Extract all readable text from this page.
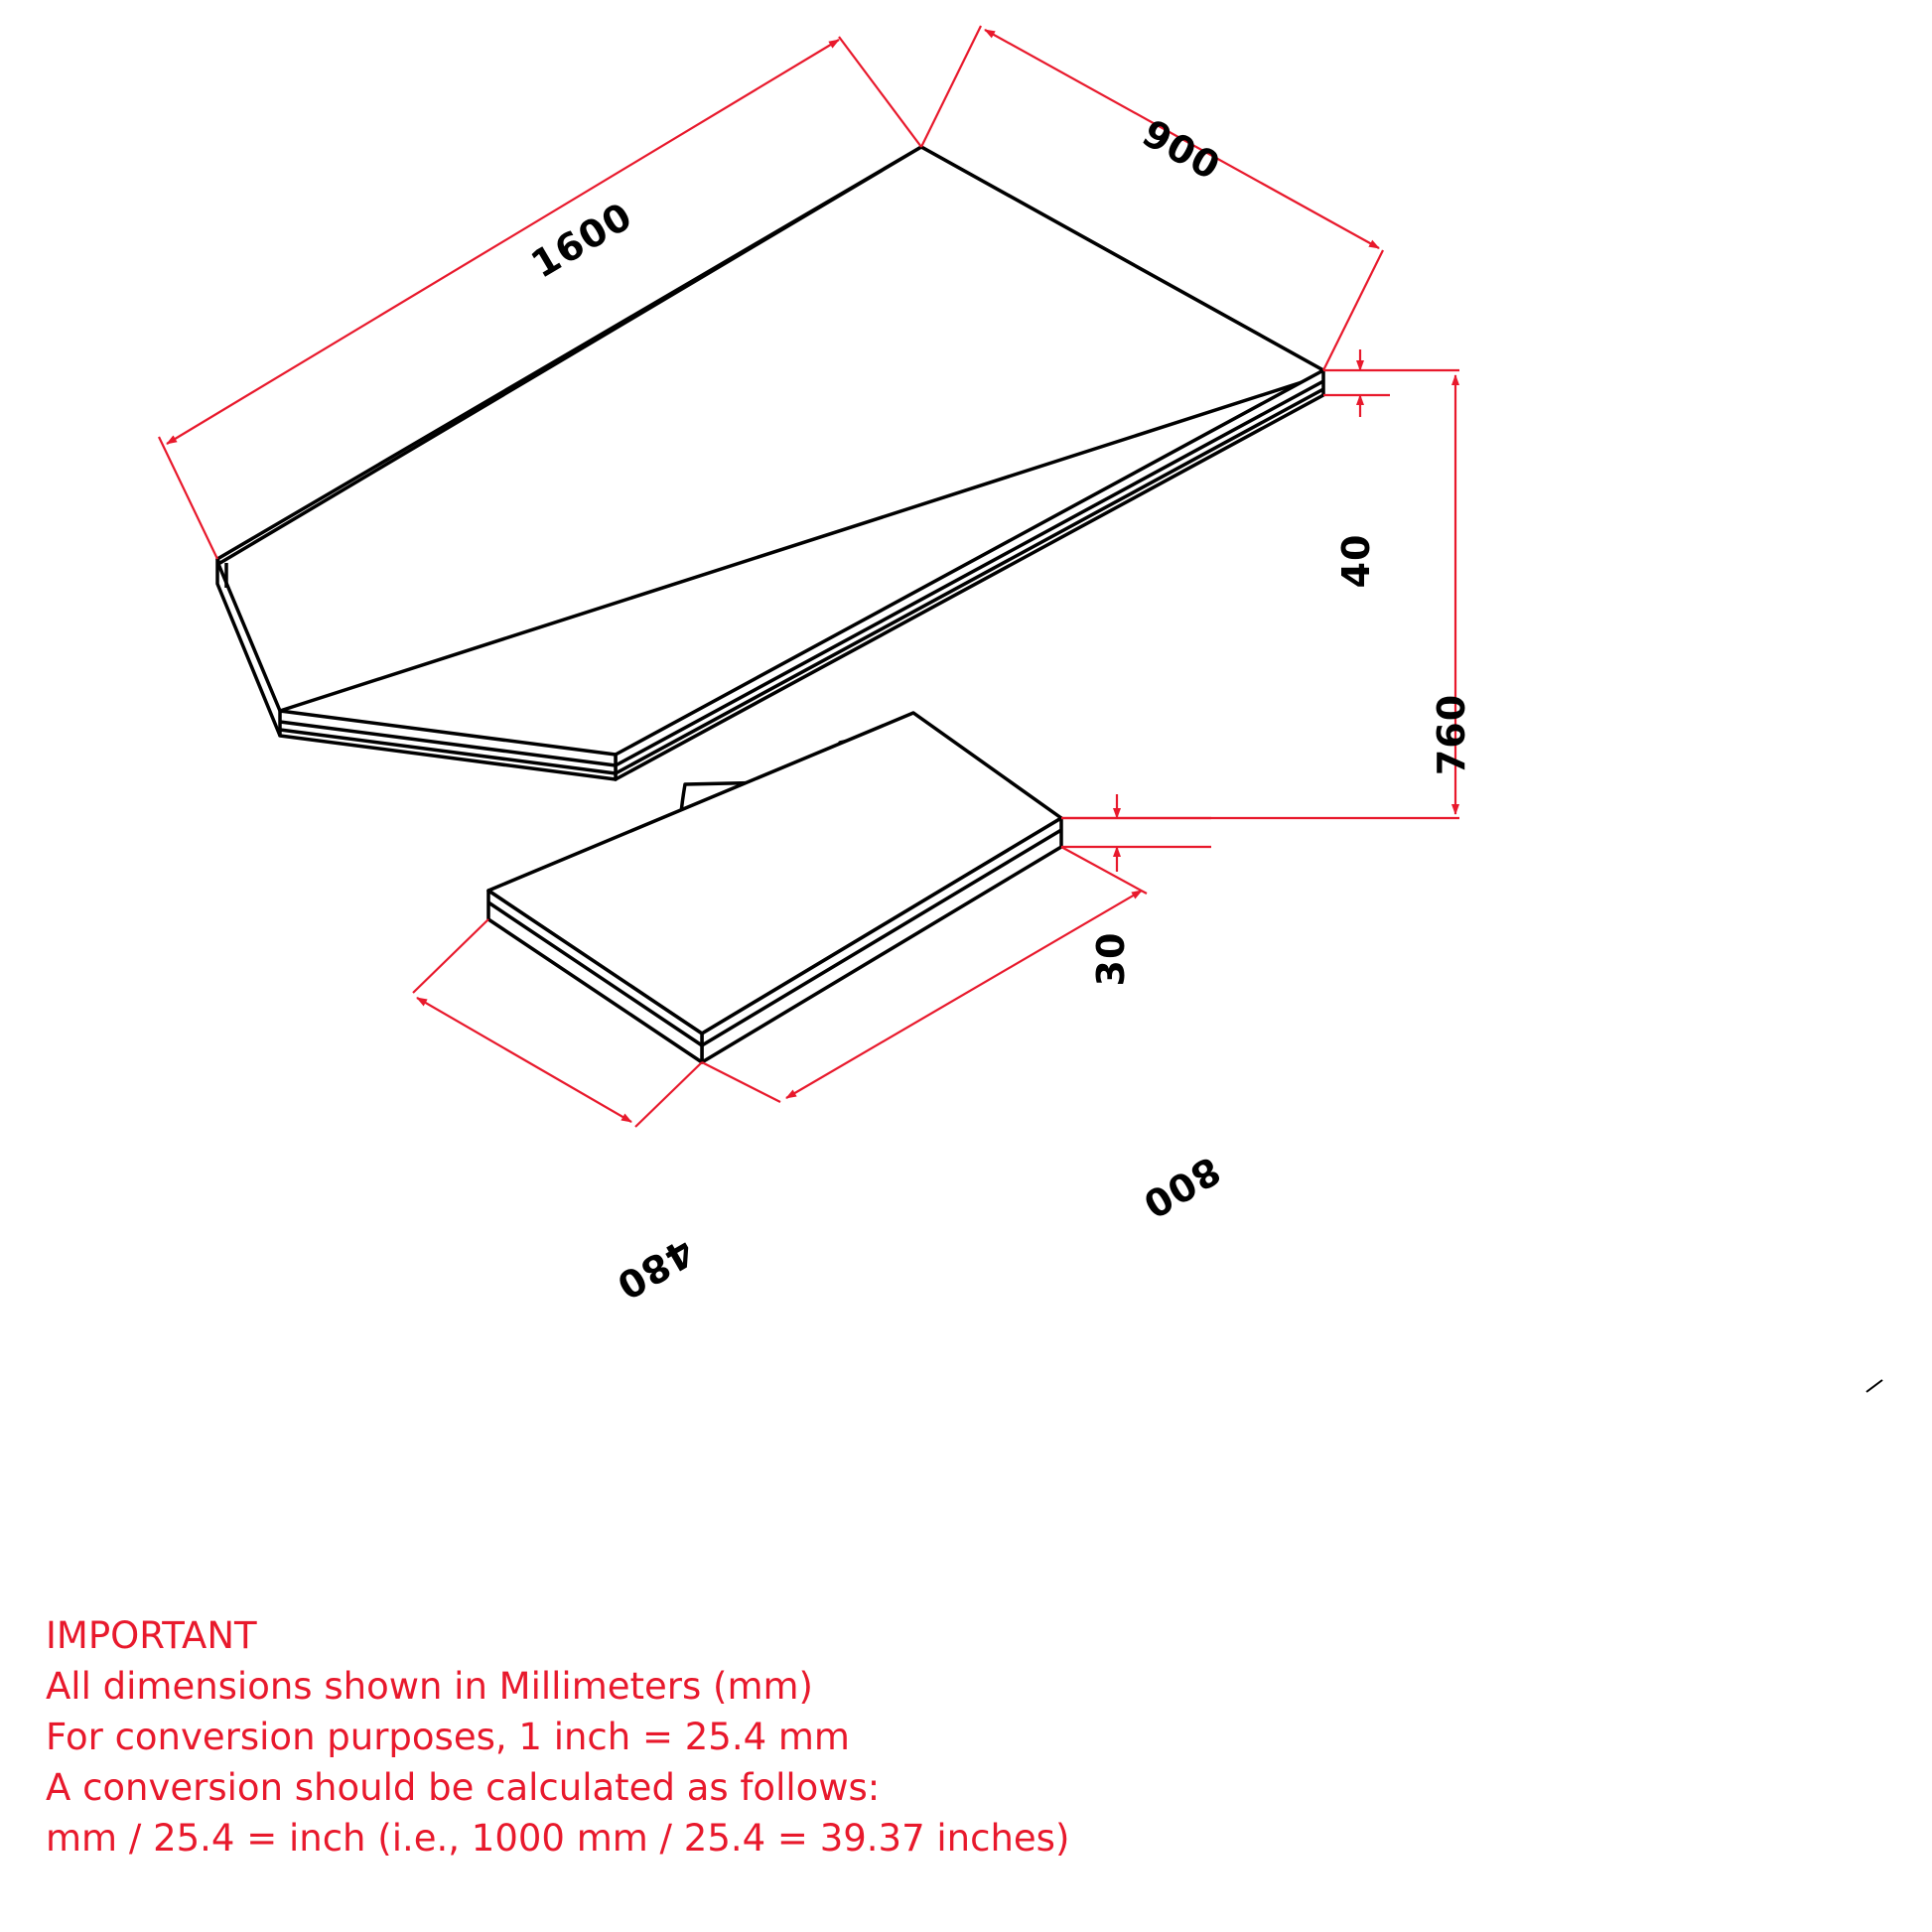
1600
900
40
760
30
800
480
IMPORTANT
All dimensions shown in Millimeters (mm)
For conversion purposes, 1 inch = 25.4 mm
A conversion should be calculated as follows:
mm / 25.4 = inch (i.e., 1000 mm / 25.4 = 39.37 inches)
